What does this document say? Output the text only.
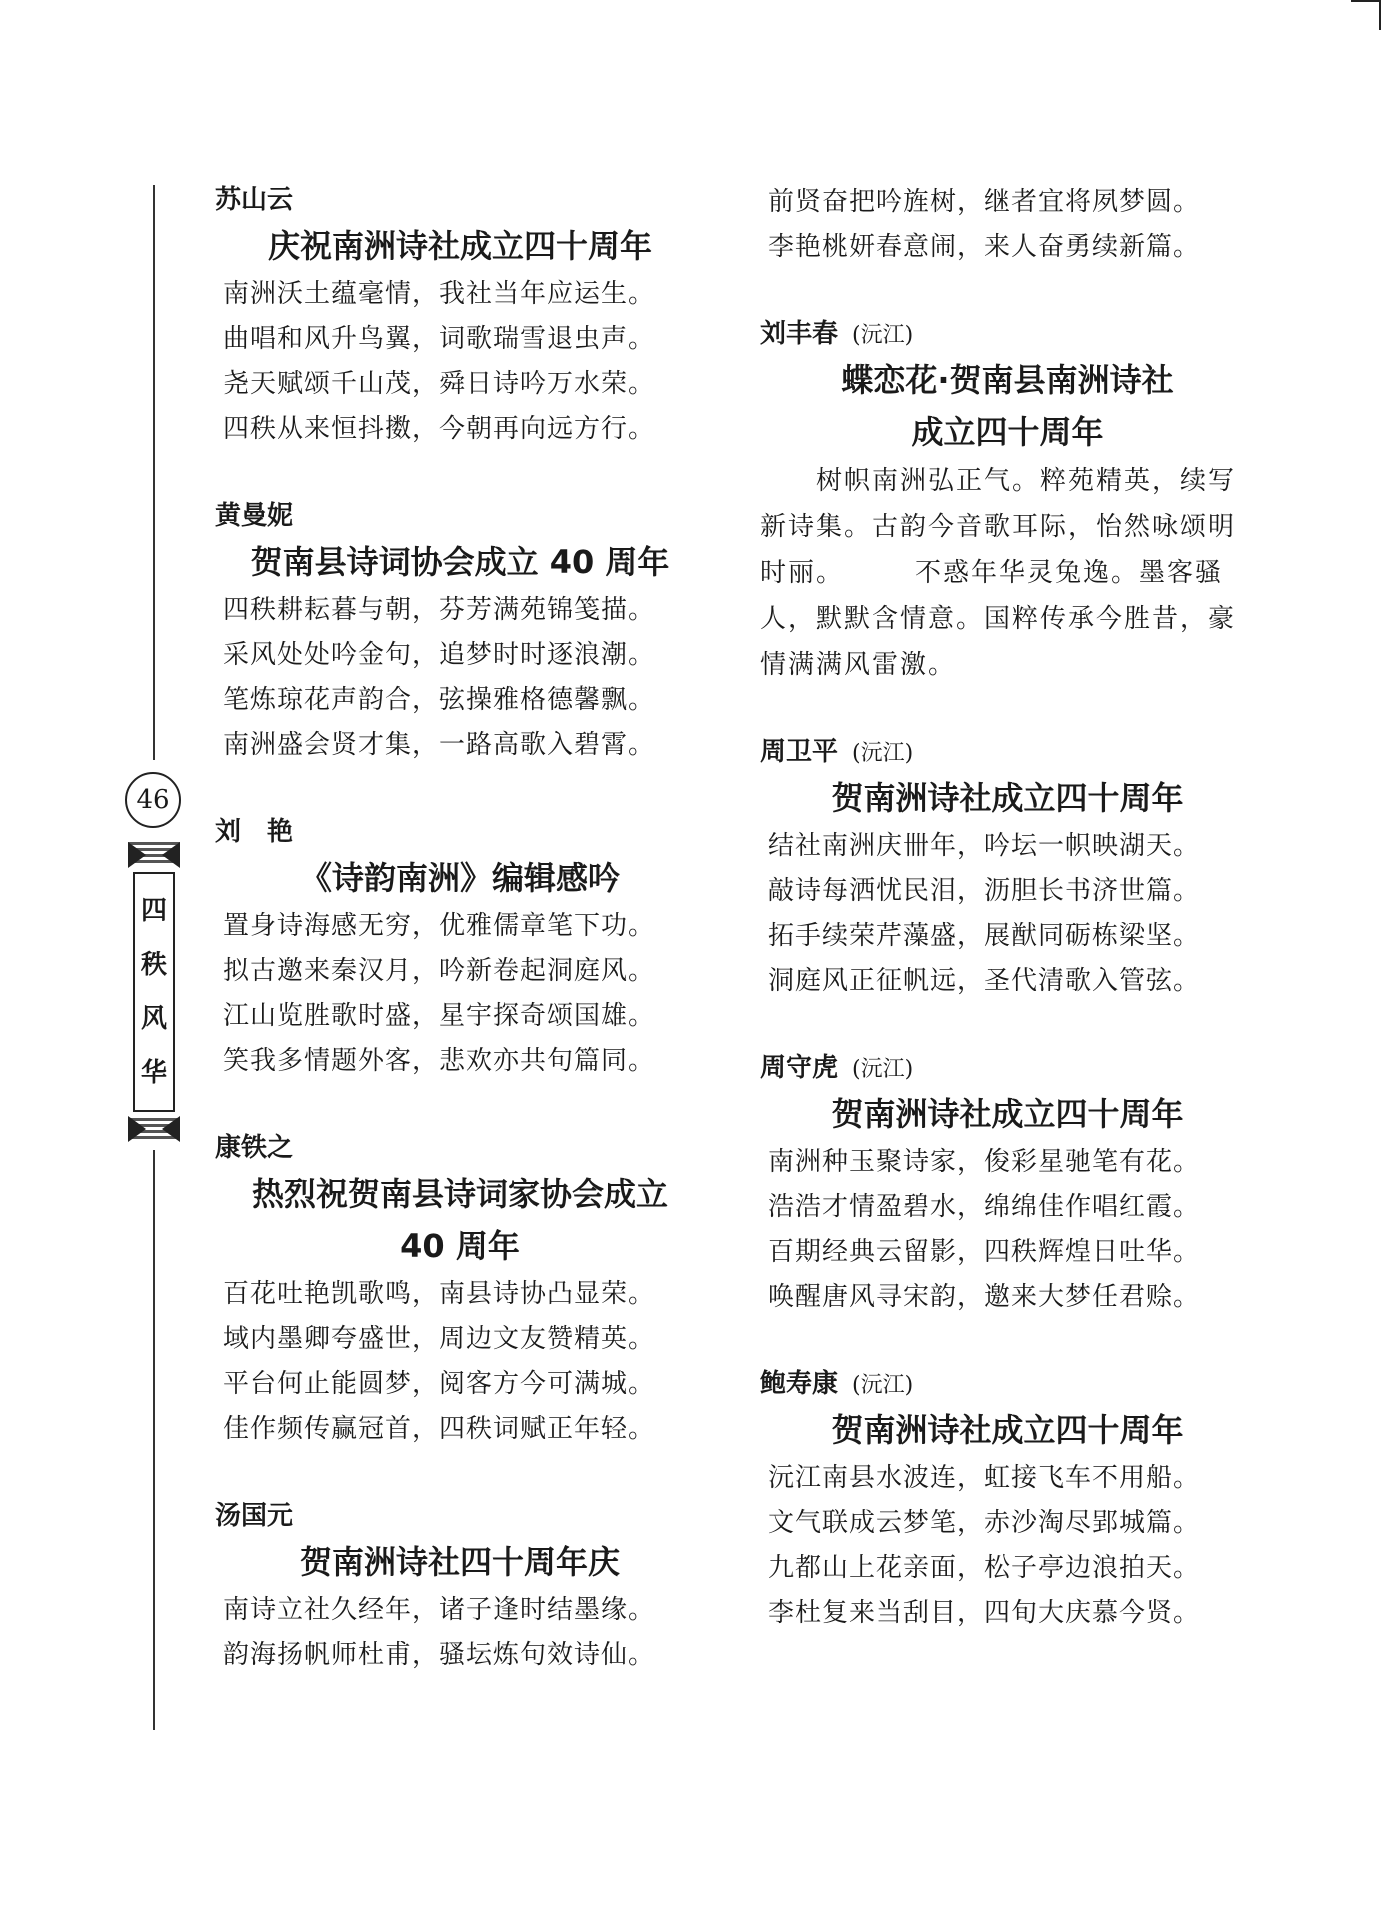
46
四
秩
风
华

苏山云

庆祝南洲诗社成立四十周年

南洲沃土蕴毫情，我社当年应运生。

曲唱和风升鸟翼，词歌瑞雪退虫声。

尧天赋颂千山茂，舜日诗吟万水荣。

四秩从来恒抖擞，今朝再向远方行。

黄曼妮

贺南县诗词协会成立 40 周年

四秩耕耘暮与朝，芬芳满苑锦笺描。

采风处处吟金句，追梦时时逐浪潮。

笔炼琼花声韵合，弦操雅格德馨飘。

南洲盛会贤才集，一路高歌入碧霄。

刘　艳

《诗韵南洲》编辑感吟

置身诗海感无穷，优雅儒章笔下功。

拟古邀来秦汉月，吟新卷起洞庭风。

江山览胜歌时盛，星宇探奇颂国雄。

笑我多情题外客，悲欢亦共句篇同。

康铁之

热烈祝贺南县诗词家协会成立

40 周年

百花吐艳凯歌鸣，南县诗协凸显荣。

域内墨卿夸盛世，周边文友赞精英。

平台何止能圆梦，阅客方今可满城。

佳作频传赢冠首，四秩词赋正年轻。

汤国元

贺南洲诗社四十周年庆

南诗立社久经年，诸子逢时结墨缘。

韵海扬帆师杜甫，骚坛炼句效诗仙。

前贤奋把吟旌树，继者宜将夙梦圆。

李艳桃妍春意闹，来人奋勇续新篇。

刘丰春 (沅江)

蝶恋花·贺南县南洲诗社

成立四十周年

　　树帜南洲弘正气。粹苑精英，续写新诗集。古韵今音歌耳际，怡然咏颂明时丽。　　　不惑年华灵兔逸。墨客骚人，默默含情意。国粹传承今胜昔，豪情满满风雷激。

周卫平 (沅江)

贺南洲诗社成立四十周年

结社南洲庆卌年，吟坛一帜映湖天。

敲诗每洒忧民泪，沥胆长书济世篇。

拓手续荣芹藻盛，展猷同砺栋梁坚。

洞庭风正征帆远，圣代清歌入管弦。

周守虎 (沅江)

贺南洲诗社成立四十周年

南洲种玉聚诗家，俊彩星驰笔有花。

浩浩才情盈碧水，绵绵佳作唱红霞。

百期经典云留影，四秩辉煌日吐华。

唤醒唐风寻宋韵，邀来大梦任君赊。

鲍寿康 (沅江)

贺南洲诗社成立四十周年

沅江南县水波连，虹接飞车不用船。

文气联成云梦笔，赤沙淘尽郢城篇。

九都山上花亲面，松子亭边浪拍天。

李杜复来当刮目，四旬大庆慕今贤。
